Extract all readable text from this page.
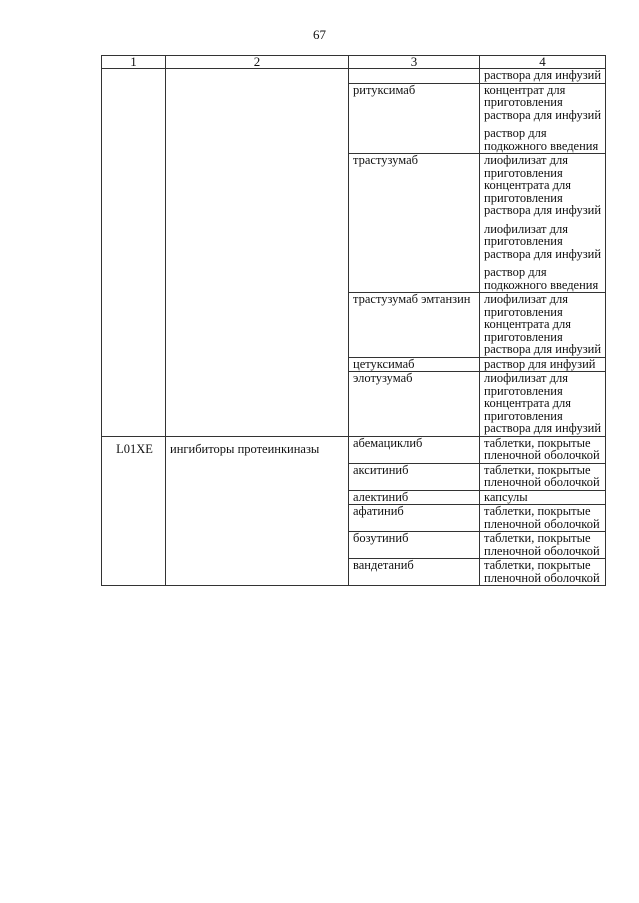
67
1	2	3	4

			раствора для инфузий

		ритуксимаб	концентрат для приготовления раствора для инфузий
раствор для подкожного введения

		трастузумаб	лиофилизат для приготовления концентрата для приготовления раствора для инфузий
лиофилизат для приготовления раствора для инфузий
раствор для подкожного введения

		трастузумаб эмтанзин	лиофилизат для приготовления концентрата для приготовления раствора для инфузий

		цетуксимаб	раствор для инфузий

		элотузумаб	лиофилизат для приготовления концентрата для приготовления раствора для инфузий

L01XE	ингибиторы протеинкиназы	абемациклиб	таблетки, покрытые пленочной оболочкой

		акситиниб	таблетки, покрытые пленочной оболочкой

		алектиниб	капсулы

		афатиниб	таблетки, покрытые пленочной оболочкой

		бозутиниб	таблетки, покрытые пленочной оболочкой

		вандетаниб	таблетки, покрытые пленочной оболочкой
